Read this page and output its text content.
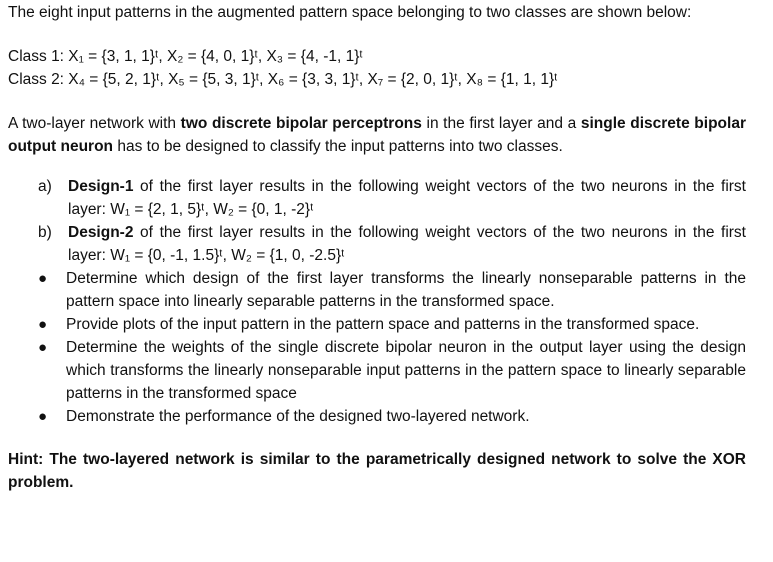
The eight input patterns in the augmented pattern space belonging to two classes are shown below:

Class 1: X₁ = {3, 1, 1}ᵗ, X₂ = {4, 0, 1}ᵗ, X₃ = {4, -1, 1}ᵗ

Class 2: X₄ = {5, 2, 1}ᵗ, X₅ = {5, 3, 1}ᵗ, X₆ = {3, 3, 1}ᵗ, X₇ = {2, 0, 1}ᵗ, X₈ = {1, 1, 1}ᵗ

A two-layer network with two discrete bipolar perceptrons in the first layer and a single discrete bipolar output neuron has to be designed to classify the input patterns into two classes.

a)	Design-1 of the first layer results in the following weight vectors of the two neurons in the first layer: W₁ = {2, 1, 5}ᵗ, W₂ = {0, 1, -2}ᵗ

b)	Design-2 of the first layer results in the following weight vectors of the two neurons in the first layer: W₁ = {0, -1, 1.5}ᵗ, W₂ = {1, 0, -2.5}ᵗ

●	Determine which design of the first layer transforms the linearly nonseparable patterns in the pattern space into linearly separable patterns in the transformed space.

●	Provide plots of the input pattern in the pattern space and patterns in the transformed space.

●	Determine the weights of the single discrete bipolar neuron in the output layer using the design which transforms the linearly nonseparable input patterns in the pattern space to linearly separable patterns in the transformed space

●	Demonstrate the performance of the designed two-layered network.

Hint: The two-layered network is similar to the parametrically designed network to solve the XOR problem.
